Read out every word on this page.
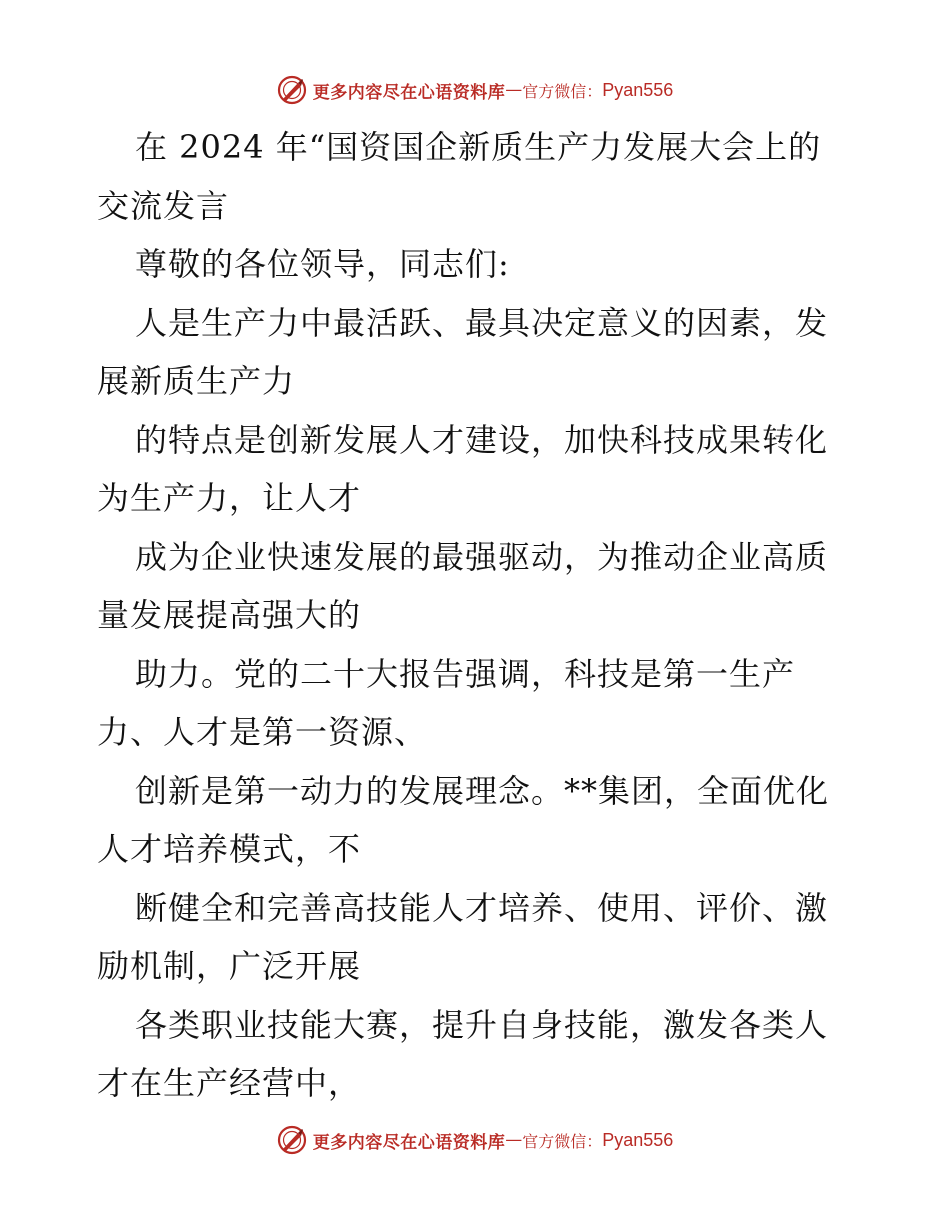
更多内容尽在心语资料库 — 官方微信： Pyan556
在 2024 年“国资国企新质生产力发展大会上的
交流发言
尊敬的各位领导，同志们:
人是生产力中最活跃、最具决定意义的因素，发
展新质生产力
的特点是创新发展人才建设，加快科技成果转化
为生产力，让人才
成为企业快速发展的最强驱动，为推动企业高质
量发展提高强大的
助力。党的二十大报告强调，科技是第一生产
力、人才是第一资源、
创新是第一动力的发展理念。**集团，全面优化
人才培养模式，不
断健全和完善高技能人才培养、使用、评价、激
励机制，广泛开展
各类职业技能大赛，提升自身技能，激发各类人
才在生产经营中，
更多内容尽在心语资料库 — 官方微信： Pyan556
